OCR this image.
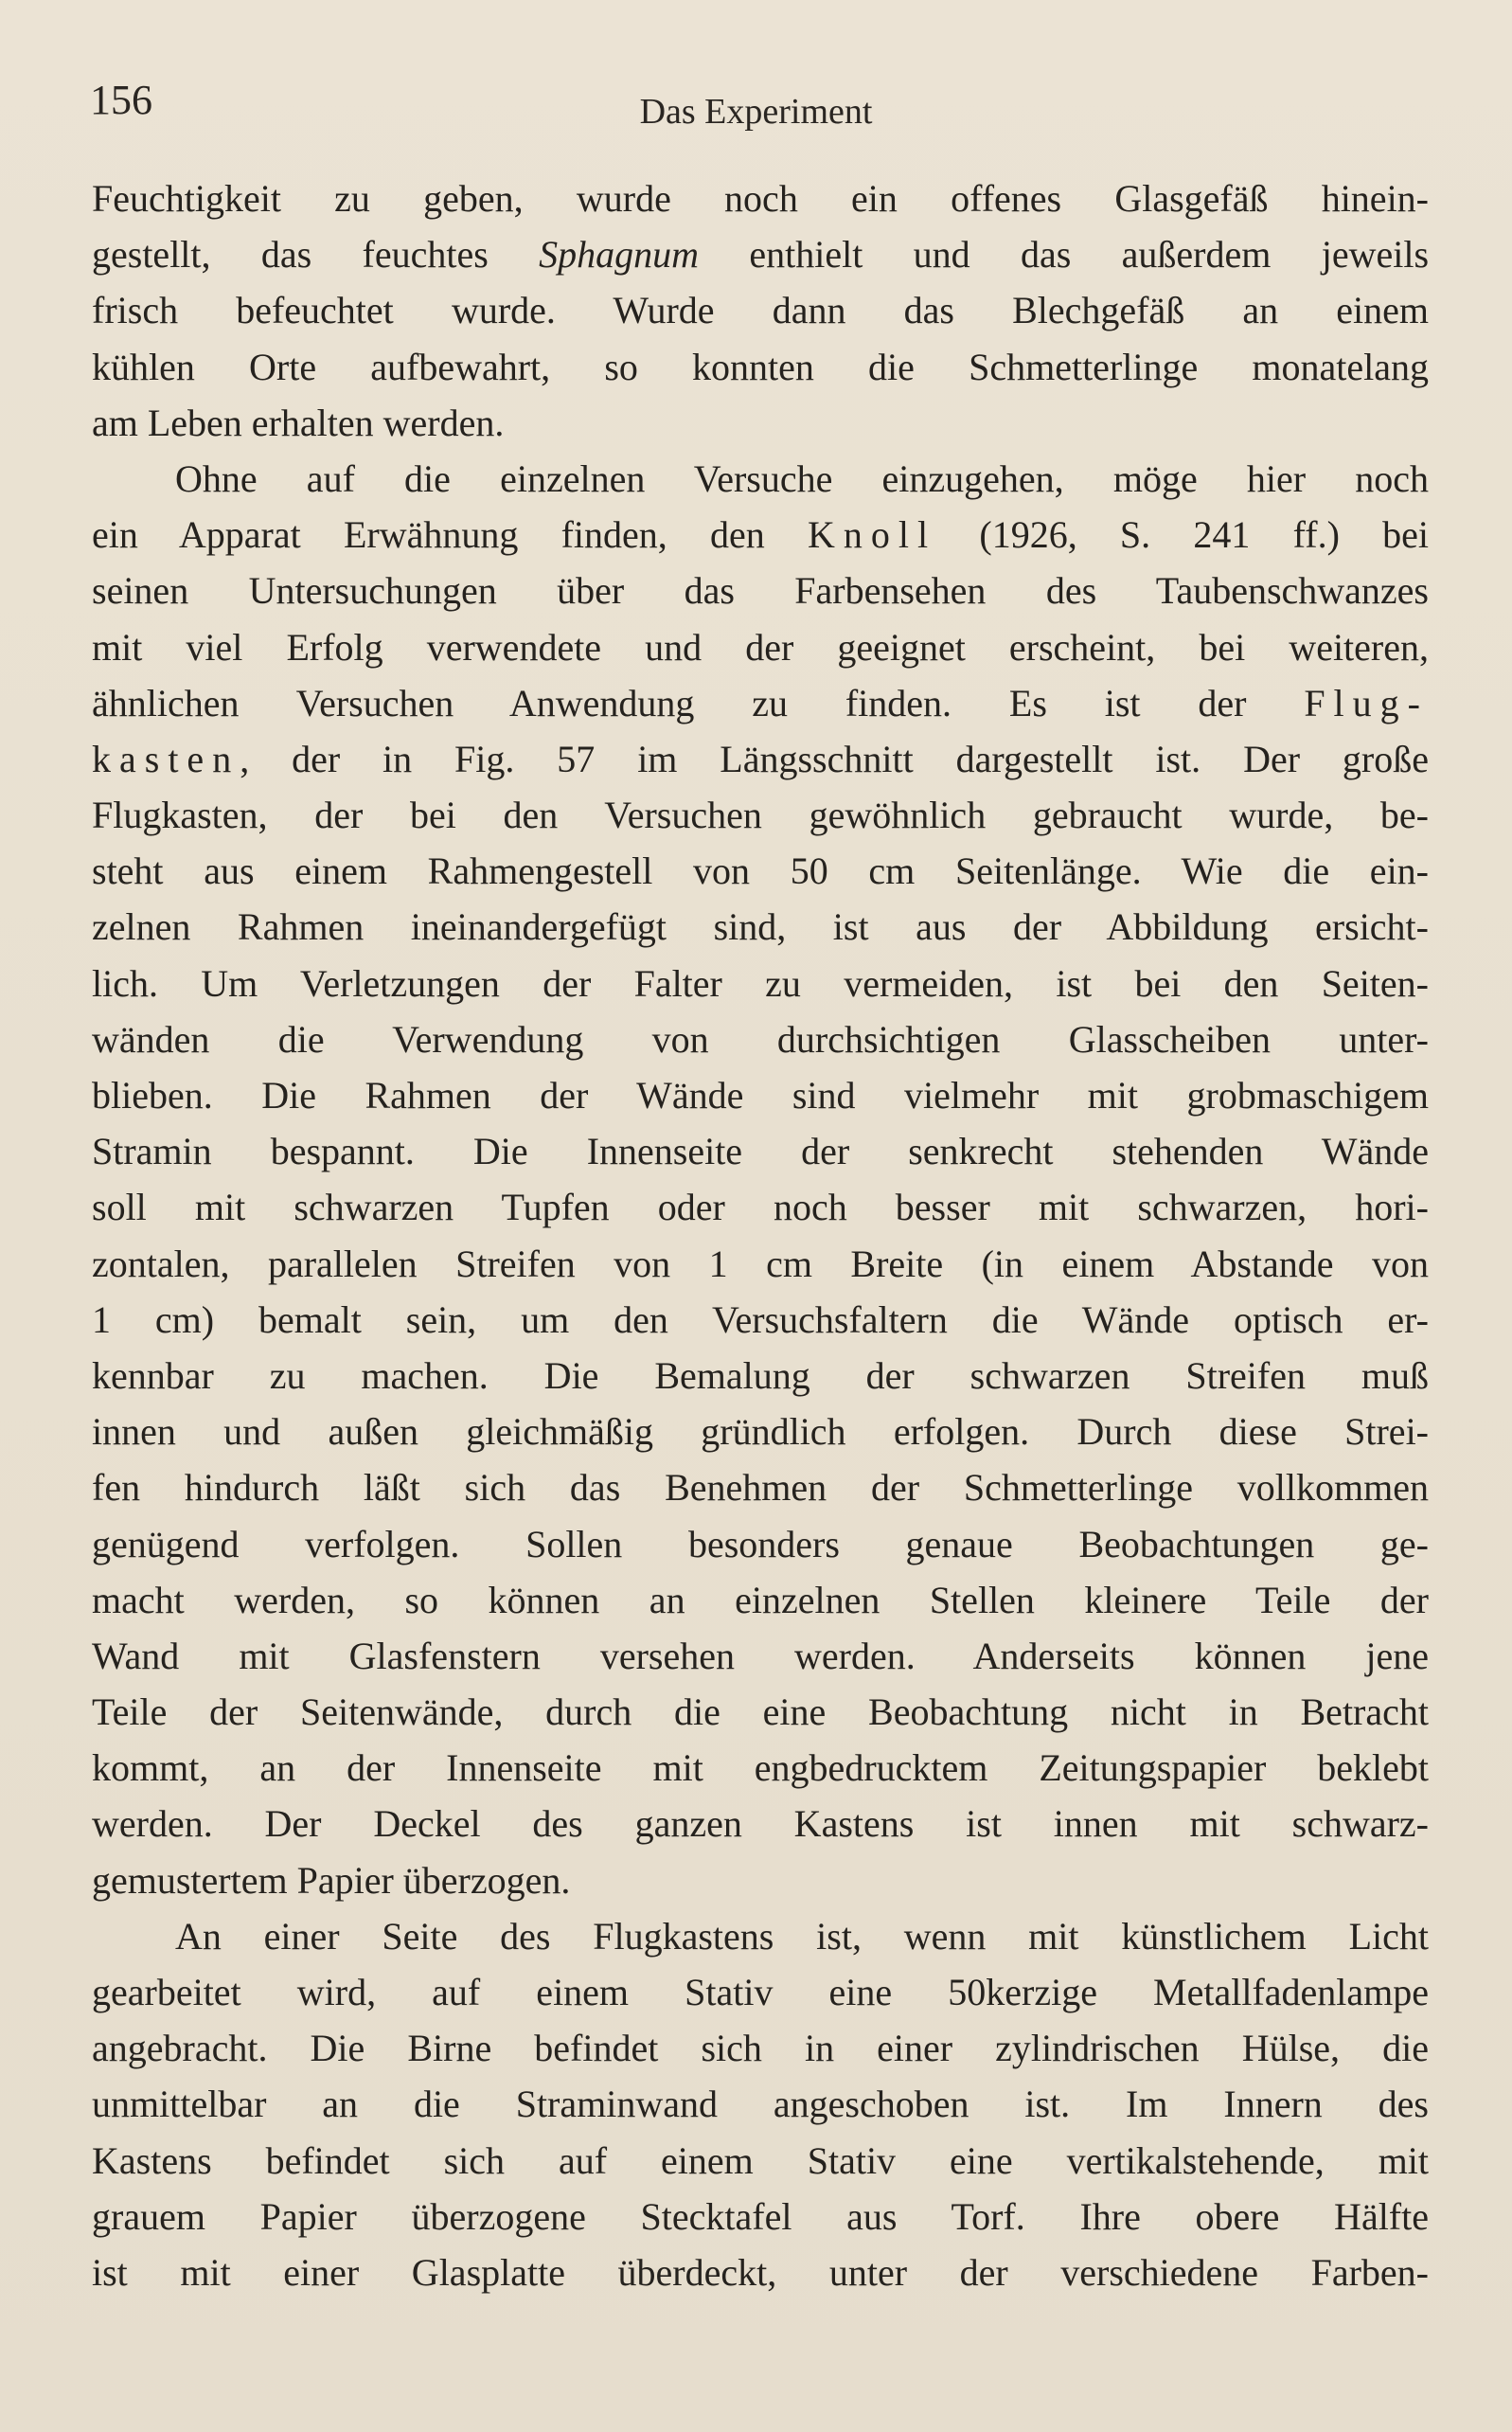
156	Das Experiment

Feuchtigkeit zu geben, wurde noch ein offenes Glasgefäß hinein-
gestellt, das feuchtes Sphagnum enthielt und das außerdem jeweils
frisch befeuchtet wurde. Wurde dann das Blechgefäß an einem
kühlen Orte aufbewahrt, so konnten die Schmetterlinge monatelang
am Leben erhalten werden.
Ohne auf die einzelnen Versuche einzugehen, möge hier noch
ein Apparat Erwähnung finden, den Knoll (1926, S. 241 ff.) bei
seinen Untersuchungen über das Farbensehen des Taubenschwanzes
mit viel Erfolg verwendete und der geeignet erscheint, bei weiteren,
ähnlichen Versuchen Anwendung zu finden. Es ist der Flug-
kasten, der in Fig. 57 im Längsschnitt dargestellt ist. Der große
Flugkasten, der bei den Versuchen gewöhnlich gebraucht wurde, be-
steht aus einem Rahmengestell von 50 cm Seitenlänge. Wie die ein-
zelnen Rahmen ineinandergefügt sind, ist aus der Abbildung ersicht-
lich. Um Verletzungen der Falter zu vermeiden, ist bei den Seiten-
wänden die Verwendung von durchsichtigen Glasscheiben unter-
blieben. Die Rahmen der Wände sind vielmehr mit grobmaschigem
Stramin bespannt. Die Innenseite der senkrecht stehenden Wände
soll mit schwarzen Tupfen oder noch besser mit schwarzen, hori-
zontalen, parallelen Streifen von 1 cm Breite (in einem Abstande von
1 cm) bemalt sein, um den Versuchsfaltern die Wände optisch er-
kennbar zu machen. Die Bemalung der schwarzen Streifen muß
innen und außen gleichmäßig gründlich erfolgen. Durch diese Strei-
fen hindurch läßt sich das Benehmen der Schmetterlinge vollkommen
genügend verfolgen. Sollen besonders genaue Beobachtungen ge-
macht werden, so können an einzelnen Stellen kleinere Teile der
Wand mit Glasfenstern versehen werden. Anderseits können jene
Teile der Seitenwände, durch die eine Beobachtung nicht in Betracht
kommt, an der Innenseite mit engbedrucktem Zeitungspapier beklebt
werden. Der Deckel des ganzen Kastens ist innen mit schwarz-
gemustertem Papier überzogen.
An einer Seite des Flugkastens ist, wenn mit künstlichem Licht
gearbeitet wird, auf einem Stativ eine 50kerzige Metallfadenlampe
angebracht. Die Birne befindet sich in einer zylindrischen Hülse, die
unmittelbar an die Straminwand angeschoben ist. Im Innern des
Kastens befindet sich auf einem Stativ eine vertikalstehende, mit
grauem Papier überzogene Stecktafel aus Torf. Ihre obere Hälfte
ist mit einer Glasplatte überdeckt, unter der verschiedene Farben-
